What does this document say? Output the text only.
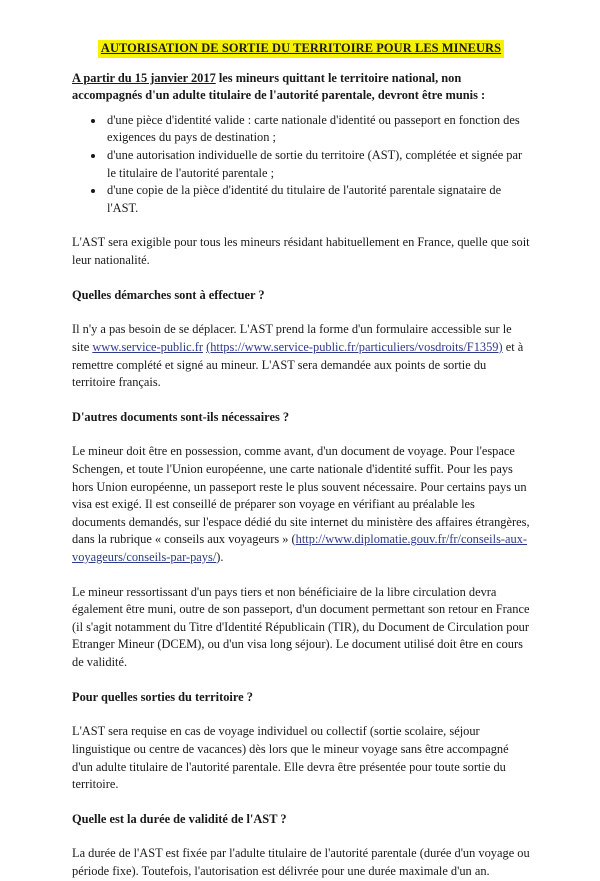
AUTORISATION DE SORTIE DU TERRITOIRE POUR LES MINEURS

A partir du 15 janvier 2017 les mineurs quittant le territoire national, non accompagnés d'un adulte titulaire de l'autorité parentale, devront être munis :

• d'une pièce d'identité valide : carte nationale d'identité ou passeport en fonction des exigences du pays de destination ;
• d'une autorisation individuelle de sortie du territoire (AST), complétée et signée par le titulaire de l'autorité parentale ;
• d'une copie de la pièce d'identité du titulaire de l'autorité parentale signataire de l'AST.

L'AST sera exigible pour tous les mineurs résidant habituellement en France, quelle que soit leur nationalité.

Quelles démarches sont à effectuer ?

Il n'y a pas besoin de se déplacer. L'AST prend la forme d'un formulaire accessible sur le site www.service-public.fr (https://www.service-public.fr/particuliers/vosdroits/F1359) et à remettre complété et signé au mineur. L'AST sera demandée aux points de sortie du territoire français.

D'autres documents sont-ils nécessaires ?

Le mineur doit être en possession, comme avant, d'un document de voyage. Pour l'espace Schengen, et toute l'Union européenne, une carte nationale d'identité suffit. Pour les pays hors Union européenne, un passeport reste le plus souvent nécessaire. Pour certains pays un visa est exigé. Il est conseillé de préparer son voyage en vérifiant au préalable les documents demandés, sur l'espace dédié du site internet du ministère des affaires étrangères, dans la rubrique « conseils aux voyageurs » (http://www.diplomatie.gouv.fr/fr/conseils-aux-voyageurs/conseils-par-pays/).

Le mineur ressortissant d'un pays tiers et non bénéficiaire de la libre circulation devra également être muni, outre de son passeport, d'un document permettant son retour en France (il s'agit notamment du Titre d'Identité Républicain (TIR), du Document de Circulation pour Etranger Mineur (DCEM), ou d'un visa long séjour). Le document utilisé doit être en cours de validité.

Pour quelles sorties du territoire ?

L'AST sera requise en cas de voyage individuel ou collectif (sortie scolaire, séjour linguistique ou centre de vacances) dès lors que le mineur voyage sans être accompagné d'un adulte titulaire de l'autorité parentale. Elle devra être présentée pour toute sortie du territoire.

Quelle est la durée de validité de l'AST ?

La durée de l'AST est fixée par l'adulte titulaire de l'autorité parentale (durée d'un voyage ou période fixe). Toutefois, l'autorisation est délivrée pour une durée maximale d'un an.
